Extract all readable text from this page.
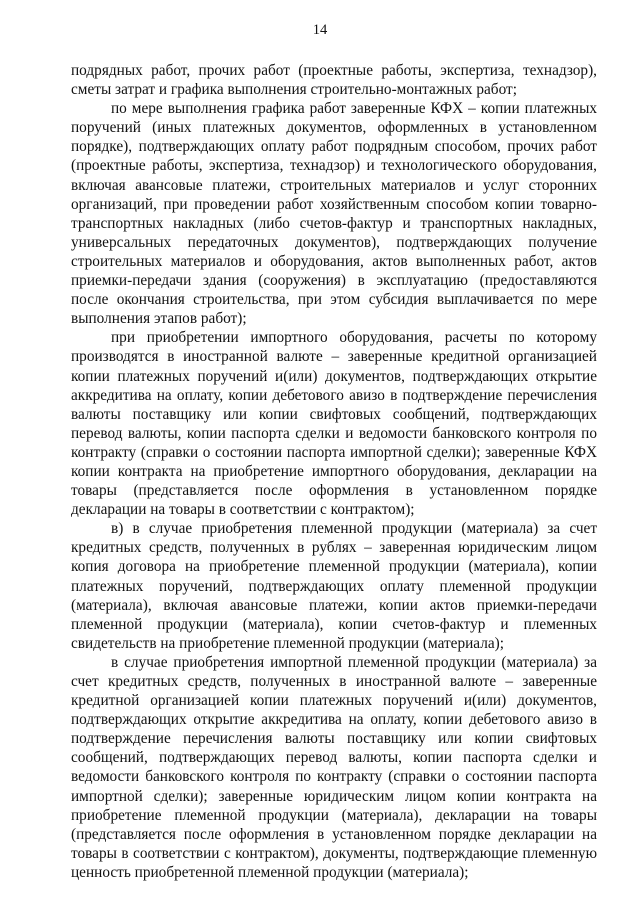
14

подрядных работ, прочих работ (проектные работы, экспертиза, технадзор), сметы затрат и графика выполнения строительно-монтажных работ;

по мере выполнения графика работ заверенные КФХ – копии платежных поручений (иных платежных документов, оформленных в установленном порядке), подтверждающих оплату работ подрядным способом, прочих работ (проектные работы, экспертиза, технадзор) и технологического оборудования, включая авансовые платежи, строительных материалов и услуг сторонних организаций, при проведении работ хозяйственным способом копии товарно-транспортных накладных (либо счетов-фактур и транспортных накладных, универсальных передаточных документов), подтверждающих получение строительных материалов и оборудования, актов выполненных работ, актов приемки-передачи здания (сооружения) в эксплуатацию (предоставляются после окончания строительства, при этом субсидия выплачивается по мере выполнения этапов работ);

при приобретении импортного оборудования, расчеты по которому производятся в иностранной валюте – заверенные кредитной организацией копии платежных поручений и(или) документов, подтверждающих открытие аккредитива на оплату, копии дебетового авизо в подтверждение перечисления валюты поставщику или копии свифтовых сообщений, подтверждающих перевод валюты, копии паспорта сделки и ведомости банковского контроля по контракту (справки о состоянии паспорта импортной сделки); заверенные КФХ копии контракта на приобретение импортного оборудования, декларации на товары (представляется после оформления в установленном порядке декларации на товары в соответствии с контрактом);

в) в случае приобретения племенной продукции (материала) за счет кредитных средств, полученных в рублях – заверенная юридическим лицом копия договора на приобретение племенной продукции (материала), копии платежных поручений, подтверждающих оплату племенной продукции (материала), включая авансовые платежи, копии актов приемки-передачи племенной продукции (материала), копии счетов-фактур и племенных свидетельств на приобретение племенной продукции (материала);

в случае приобретения импортной племенной продукции (материала) за счет кредитных средств, полученных в иностранной валюте – заверенные кредитной организацией копии платежных поручений и(или) документов, подтверждающих открытие аккредитива на оплату, копии дебетового авизо в подтверждение перечисления валюты поставщику или копии свифтовых сообщений, подтверждающих перевод валюты, копии паспорта сделки и ведомости банковского контроля по контракту (справки о состоянии паспорта импортной сделки); заверенные юридическим лицом копии контракта на приобретение племенной продукции (материала), декларации на товары (представляется после оформления в установленном порядке декларации на товары в соответствии с контрактом), документы, подтверждающие племенную ценность приобретенной племенной продукции (материала);
